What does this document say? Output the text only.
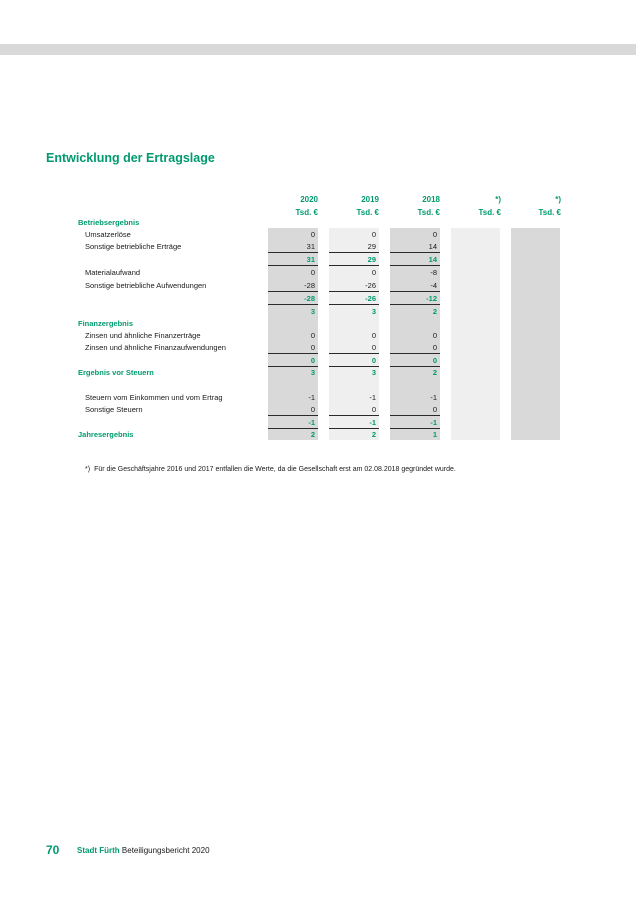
Entwicklung der Ertragslage
2020	2019	2018	*)	*)
Tsd. €	Tsd. €	Tsd. €	Tsd. €	Tsd. €
Betriebsergebnis
Umsatzerlöse	0	0	0
Sonstige betriebliche Erträge	31	29	14
31	29	14
Materialaufwand	0	0	-8
Sonstige betriebliche Aufwendungen	-28	-26	-4
-28	-26	-12
3	3	2
Finanzergebnis
Zinsen und ähnliche Finanzerträge	0	0	0
Zinsen und ähnliche Finanzaufwendungen	0	0	0
0	0	0
Ergebnis vor Steuern	3	3	2
Steuern vom Einkommen und vom Ertrag	-1	-1	-1
Sonstige Steuern	0	0	0
-1	-1	-1
Jahresergebnis	2	2	1
*) Für die Geschäftsjahre 2016 und 2017 entfallen die Werte, da die Gesellschaft erst am 02.08.2018 gegründet wurde.
70 Stadt Fürth Beteiligungsbericht 2020
